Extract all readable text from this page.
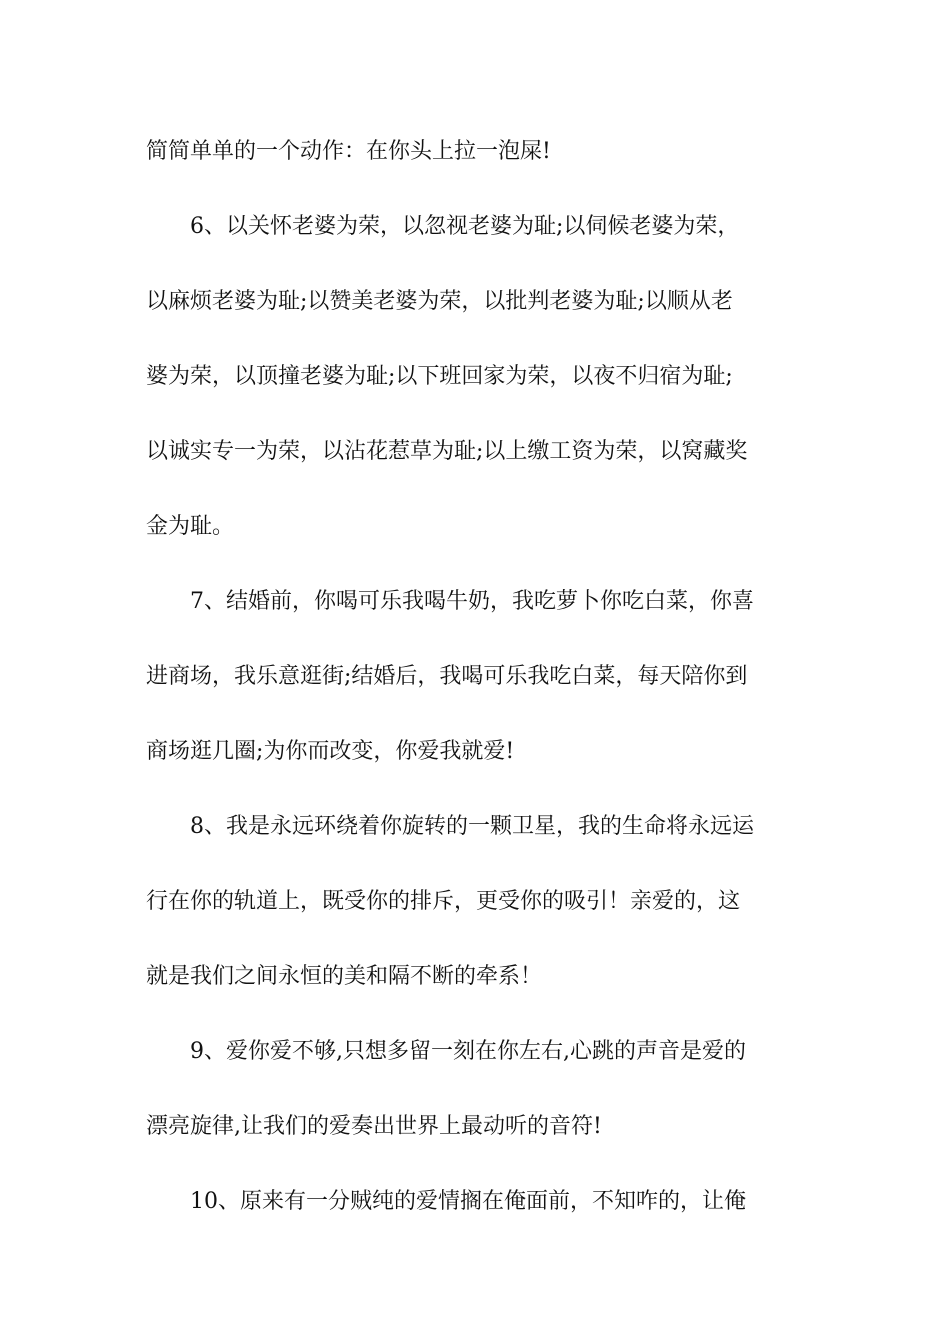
简简单单的一个动作：在你头上拉一泡屎!
6、以关怀老婆为荣，以忽视老婆为耻;以伺候老婆为荣，
以麻烦老婆为耻;以赞美老婆为荣，以批判老婆为耻;以顺从老
婆为荣，以顶撞老婆为耻;以下班回家为荣，以夜不归宿为耻;
以诚实专一为荣，以沾花惹草为耻;以上缴工资为荣，以窝藏奖
金为耻。
7、结婚前，你喝可乐我喝牛奶，我吃萝卜你吃白菜，你喜
进商场，我乐意逛街;结婚后，我喝可乐我吃白菜，每天陪你到
商场逛几圈;为你而改变，你爱我就爱!
8、我是永远环绕着你旋转的一颗卫星，我的生命将永远运
行在你的轨道上，既受你的排斥，更受你的吸引！亲爱的，这
就是我们之间永恒的美和隔不断的牵系！
9、爱你爱不够,只想多留一刻在你左右,心跳的声音是爱的
漂亮旋律,让我们的爱奏出世界上最动听的音符!
10、原来有一分贼纯的爱情搁在俺面前，不知咋的，让俺
